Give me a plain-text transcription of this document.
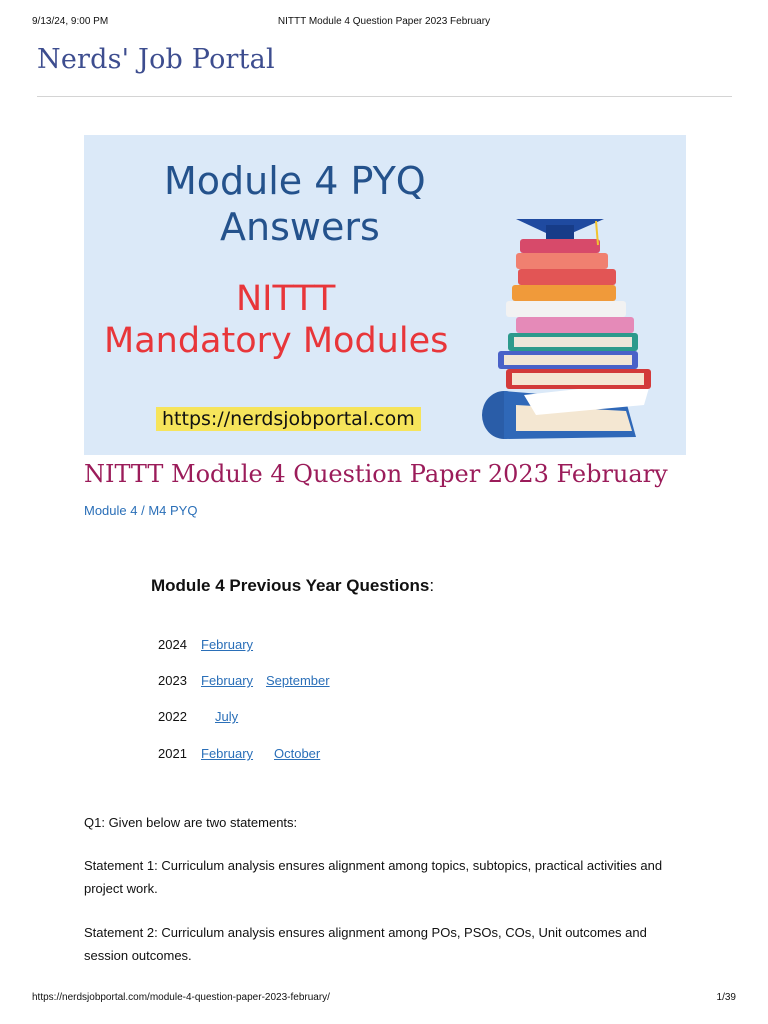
9/13/24, 9:00 PM	NITTT Module 4 Question Paper 2023 February
Nerds' Job Portal
Module 4 PYQ
Answers
NITTT
Mandatory Modules
https://nerdsjobportal.com
NITTT Module 4 Question Paper 2023 February
Module 4 / M4 PYQ
Module 4 Previous Year Questions:
2024 February
2023 February September
2022 July
2021 February October

Q1: Given below are two statements:

Statement 1: Curriculum analysis ensures alignment among topics, subtopics, practical activities and project work.

Statement 2: Curriculum analysis ensures alignment among POs, PSOs, COs, Unit outcomes and session outcomes.

https://nerdsjobportal.com/module-4-question-paper-2023-february/	1/39
